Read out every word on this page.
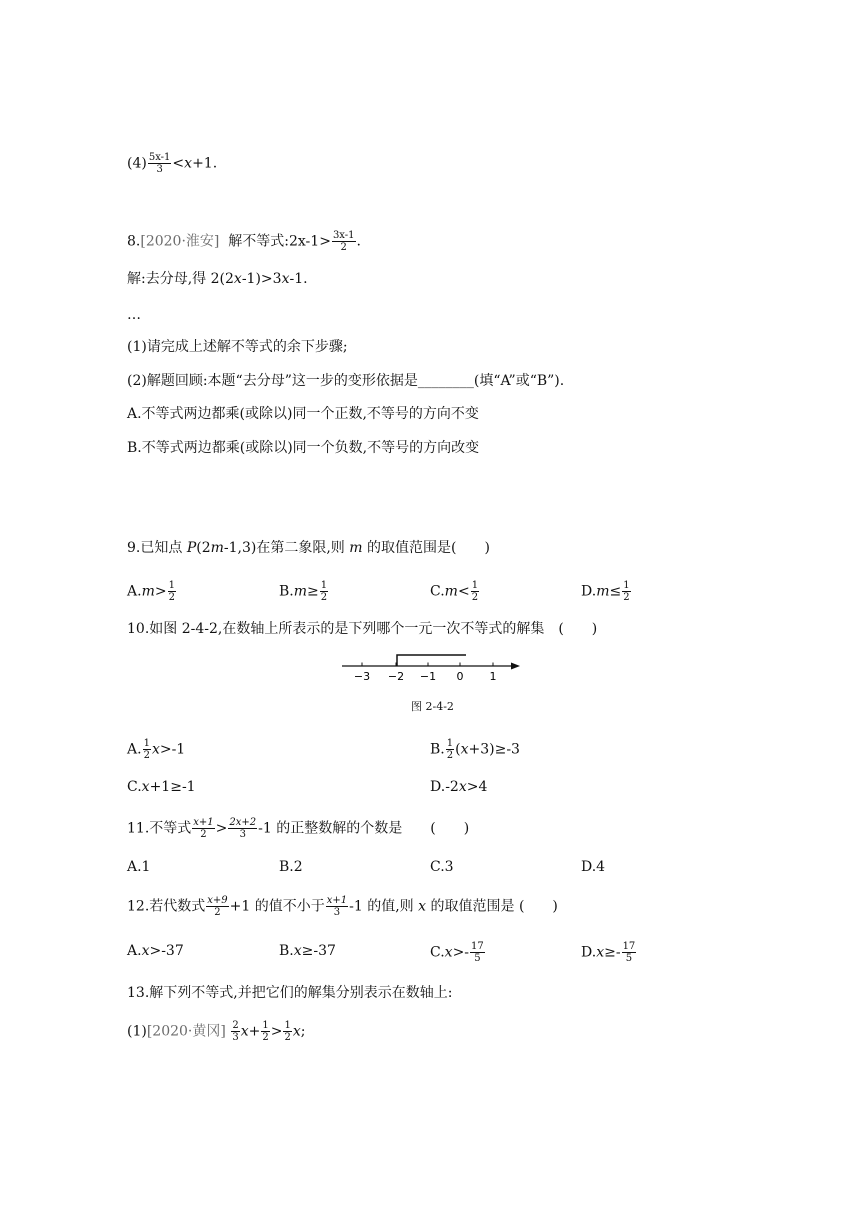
$(4) \frac{5x-1}{3} <x+1$.
8.[2020·淮安] 解不等式:2x-1> $\frac{3x-1}{2}$ .
解:去分母,得 2(2x-1)>3x-1.
…
(1)请完成上述解不等式的余下步骤;
(2)解题回顾:本题“去分母”这一步的变形依据是________(填“A”或“B”).
A.不等式两边都乘(或除以)同一个正数,不等号的方向不变
B.不等式两边都乘(或除以)同一个负数,不等号的方向改变
9.已知点 P(2m-1,3)在第二象限,则 m 的取值范围是(　　)
$A.m> \frac{1}{2}$	$B.m\ge \frac{1}{2}$	$C.m< \frac{1}{2}$	$D.m\le \frac{1}{2}$
10.如图 2-4-2,在数轴上所表示的是下列哪个一元一次不等式的解集　(　　)
−3 −2 −1 0 1
图 2-4-2
A. $\frac{1}{2} x>-1$	B. $\frac{1}{2} (x+3)\ge-3$
C.x+1≥-1	D.-2x>4
11.不等式 $\frac{x+1}{2} > \frac{2x+2}{3} -1$ 的正整数解的个数是　　(　　)
A.1	B.2	C.3	D.4
12.若代数式 $\frac{x+9}{2} +1$ 的值不小于 $\frac{x+1}{3} -1$ 的值,则 x 的取值范围是 (　　)
A.x>-37	B.x≥-37	$C.x>- \frac{17}{5}$	$D.x\ge- \frac{17}{5}$
13.解下列不等式,并把它们的解集分别表示在数轴上:
(1)[2020·黄冈] $\frac{2}{3} x+ \frac{1}{2} > \frac{1}{2} x$;
